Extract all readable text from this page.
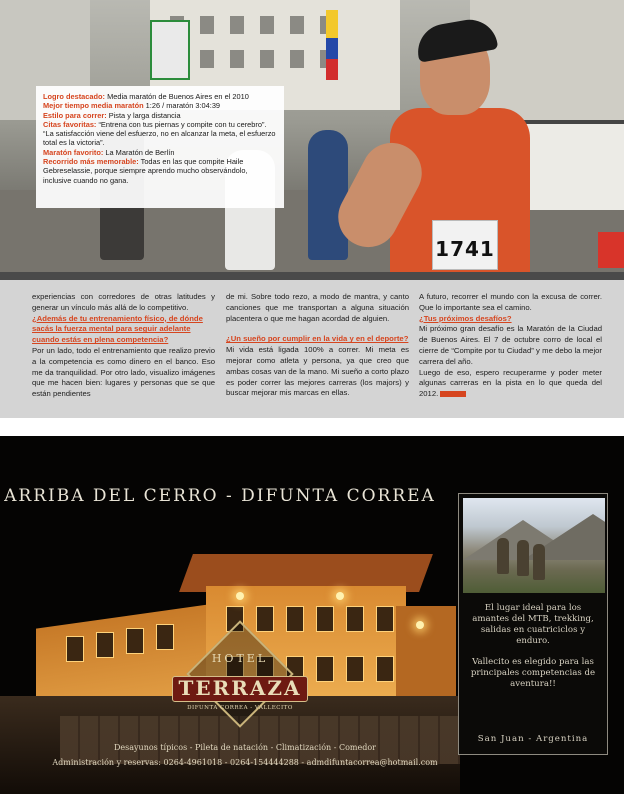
1741

Logro destacado: Media maratón de Buenos Aires en el 2010

Mejor tiempo media maratón 1:26 / maratón 3:04:39

Estilo para correr: Pista y larga distancia

Citas favoritas: “Entrena con tus piernas y compite con tu cerebro”. “La satisfacción viene del esfuerzo, no en alcanzar la meta, el esfuerzo total es la victoria”.

Maratón favorito: La Maratón de Berlín

Recorrido más memorable: Todas en las que compite Haile Gebreselassie, porque siempre aprendo mucho observándolo, inclusive cuando no gana.

experiencias con corredores de otras latitudes y generar un vínculo más allá de lo competitivo.

¿Además de tu entrenamiento físico, de dónde sacás la fuerza mental para seguir adelante cuando estás en plena competencia?

Por un lado, todo el entrenamiento que realizo previo a la competencia es como dinero en el banco. Eso me da tranquilidad. Por otro lado, visualizo imágenes que me hacen bien: lugares y personas que se que están pendientes

de mi. Sobre todo rezo, a modo de mantra, y canto canciones que me transportan a alguna situación placentera o que me hagan acordad de alguien.

¿Un sueño por cumplir en la vida y en el deporte?

Mi vida está ligada 100% a correr. Mi meta es mejorar como atleta y persona, ya que creo que ambas cosas van de la mano. Mi sueño a corto plazo es poder correr las mejores carreras (los majors) y buscar mejorar mis marcas en ellas.

A futuro, recorrer el mundo con la excusa de correr. Que lo importante sea el camino.

¿Tus próximos desafíos?

Mi próximo gran desafío es la Maratón de la Ciudad de Buenos Aires. El 7 de octubre corro de local el cierre de “Compite por tu Ciudad” y me debo la mejor carrera del año.

Luego de eso, espero recuperarme y poder meter algunas carreras en la pista en lo que queda del 2012.

ARRIBA DEL CERRO - DIFUNTA CORREA
HOTEL
TERRAZA
DIFUNTA CORREA - VALLECITO
Desayunos típicos - Pileta de natación - Climatización - Comedor
Administración y reservas: 0264-4961018 - 0264-154444288 - admdifuntacorrea@hotmail.com

El lugar ideal para los amantes del MTB, trekking, salidas en cuatriciclos y enduro.

Vallecito es elegido para las principales competencias de aventura!!

San Juan - Argentina
